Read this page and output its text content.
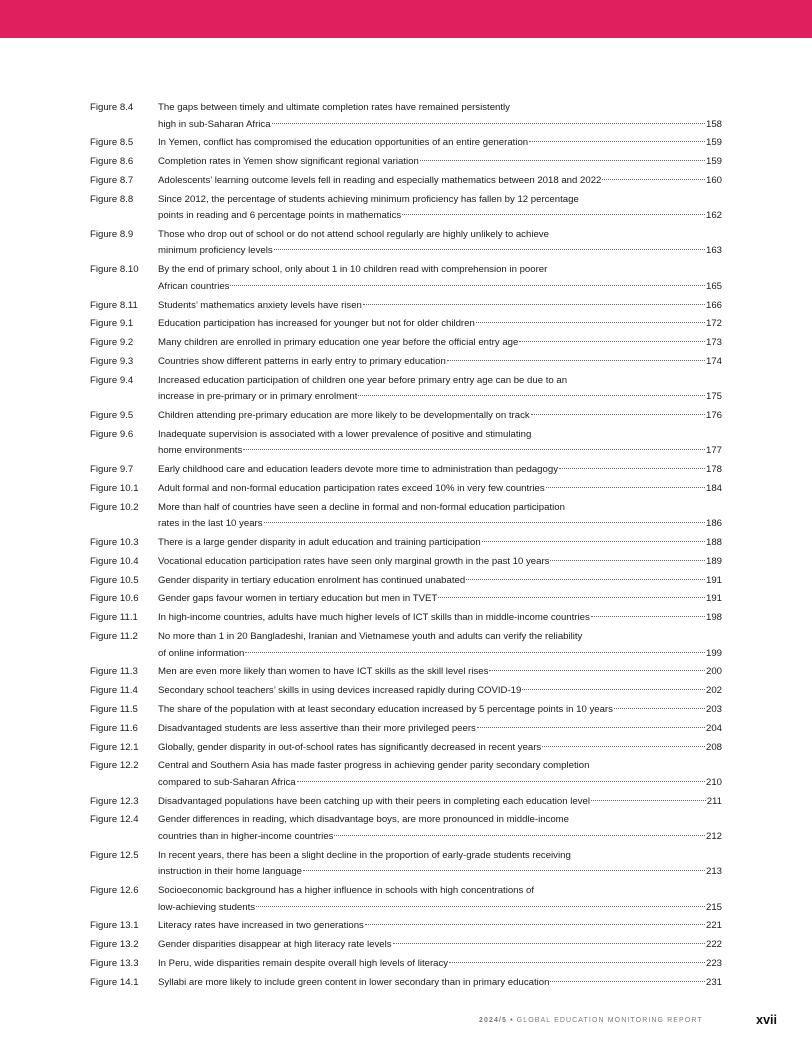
Figure 8.4	The gaps between timely and ultimate completion rates have remained persistently
high in sub-Saharan Africa	158
Figure 8.5	In Yemen, conflict has compromised the education opportunities of an entire generation	159
Figure 8.6	Completion rates in Yemen show significant regional variation	159
Figure 8.7	Adolescents’ learning outcome levels fell in reading and especially mathematics between 2018 and 2022	160
Figure 8.8	Since 2012, the percentage of students achieving minimum proficiency has fallen by 12 percentage
points in reading and 6 percentage points in mathematics	162
Figure 8.9	Those who drop out of school or do not attend school regularly are highly unlikely to achieve
minimum proficiency levels	163
Figure 8.10	By the end of primary school, only about 1 in 10 children read with comprehension in poorer
African countries	165
Figure 8.11	Students’ mathematics anxiety levels have risen	166
Figure 9.1	Education participation has increased for younger but not for older children	172
Figure 9.2	Many children are enrolled in primary education one year before the official entry age	173
Figure 9.3	Countries show different patterns in early entry to primary education	174
Figure 9.4	Increased education participation of children one year before primary entry age can be due to an
increase in pre-primary or in primary enrolment	175
Figure 9.5	Children attending pre-primary education are more likely to be developmentally on track	176
Figure 9.6	Inadequate supervision is associated with a lower prevalence of positive and stimulating
home environments	177
Figure 9.7	Early childhood care and education leaders devote more time to administration than pedagogy	178
Figure 10.1	Adult formal and non-formal education participation rates exceed 10% in very few countries	184
Figure 10.2	More than half of countries have seen a decline in formal and non-formal education participation
rates in the last 10 years	186
Figure 10.3	There is a large gender disparity in adult education and training participation	188
Figure 10.4	Vocational education participation rates have seen only marginal growth in the past 10 years	189
Figure 10.5	Gender disparity in tertiary education enrolment has continued unabated	191
Figure 10.6	Gender gaps favour women in tertiary education but men in TVET	191
Figure 11.1	In high-income countries, adults have much higher levels of ICT skills than in middle-income countries	198
Figure 11.2	No more than 1 in 20 Bangladeshi, Iranian and Vietnamese youth and adults can verify the reliability
of online information	199
Figure 11.3	Men are even more likely than women to have ICT skills as the skill level rises	200
Figure 11.4	Secondary school teachers’ skills in using devices increased rapidly during COVID-19	202
Figure 11.5	The share of the population with at least secondary education increased by 5 percentage points in 10 years	203
Figure 11.6	Disadvantaged students are less assertive than their more privileged peers	204
Figure 12.1	Globally, gender disparity in out-of-school rates has significantly decreased in recent years	208
Figure 12.2	Central and Southern Asia has made faster progress in achieving gender parity secondary completion
compared to sub-Saharan Africa	210
Figure 12.3	Disadvantaged populations have been catching up with their peers in completing each education level	211
Figure 12.4	Gender differences in reading, which disadvantage boys, are more pronounced in middle-income
countries than in higher-income countries	212
Figure 12.5	In recent years, there has been a slight decline in the proportion of early-grade students receiving
instruction in their home language	213
Figure 12.6	Socioeconomic background has a higher influence in schools with high concentrations of
low-achieving students	215
Figure 13.1	Literacy rates have increased in two generations	221
Figure 13.2	Gender disparities disappear at high literacy rate levels	222
Figure 13.3	In Peru, wide disparities remain despite overall high levels of literacy	223
Figure 14.1	Syllabi are more likely to include green content in lower secondary than in primary education	231
2024/5 • GLOBAL EDUCATION MONITORING REPORT	xvii
